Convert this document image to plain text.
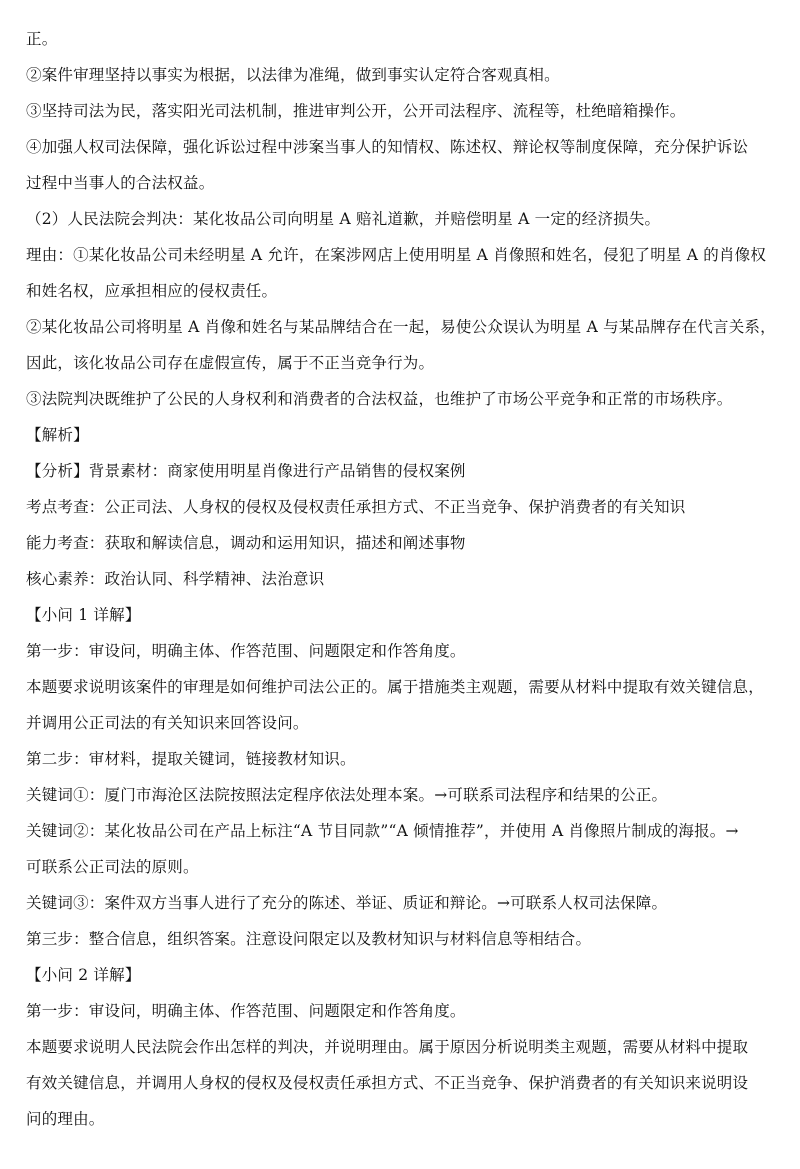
正。
②案件审理坚持以事实为根据，以法律为准绳，做到事实认定符合客观真相。
③坚持司法为民，落实阳光司法机制，推进审判公开，公开司法程序、流程等，杜绝暗箱操作。
④加强人权司法保障，强化诉讼过程中涉案当事人的知情权、陈述权、辩论权等制度保障，充分保护诉讼
过程中当事人的合法权益。
（2）人民法院会判决：某化妆品公司向明星 A 赔礼道歉，并赔偿明星 A 一定的经济损失。
理由：①某化妆品公司未经明星 A 允许，在案涉网店上使用明星 A 肖像照和姓名，侵犯了明星 A 的肖像权
和姓名权，应承担相应的侵权责任。
②某化妆品公司将明星 A 肖像和姓名与某品牌结合在一起，易使公众误认为明星 A 与某品牌存在代言关系，
因此，该化妆品公司存在虚假宣传，属于不正当竞争行为。
③法院判决既维护了公民的人身权利和消费者的合法权益，也维护了市场公平竞争和正常的市场秩序。
【解析】
【分析】背景素材：商家使用明星肖像进行产品销售的侵权案例
考点考查：公正司法、人身权的侵权及侵权责任承担方式、不正当竞争、保护消费者的有关知识
能力考查：获取和解读信息，调动和运用知识，描述和阐述事物
核心素养：政治认同、科学精神、法治意识
【小问 1 详解】
第一步：审设问，明确主体、作答范围、问题限定和作答角度。
本题要求说明该案件的审理是如何维护司法公正的。属于措施类主观题，需要从材料中提取有效关键信息，
并调用公正司法的有关知识来回答设问。
第二步：审材料，提取关键词，链接教材知识。
关键词①：厦门市海沧区法院按照法定程序依法处理本案。→可联系司法程序和结果的公正。
关键词②：某化妆品公司在产品上标注“A 节目同款”“A 倾情推荐”，并使用 A 肖像照片制成的海报。→
可联系公正司法的原则。
关键词③：案件双方当事人进行了充分的陈述、举证、质证和辩论。→可联系人权司法保障。
第三步：整合信息，组织答案。注意设问限定以及教材知识与材料信息等相结合。
【小问 2 详解】
第一步：审设问，明确主体、作答范围、问题限定和作答角度。
本题要求说明人民法院会作出怎样的判决，并说明理由。属于原因分析说明类主观题，需要从材料中提取
有效关键信息，并调用人身权的侵权及侵权责任承担方式、不正当竞争、保护消费者的有关知识来说明设
问的理由。
